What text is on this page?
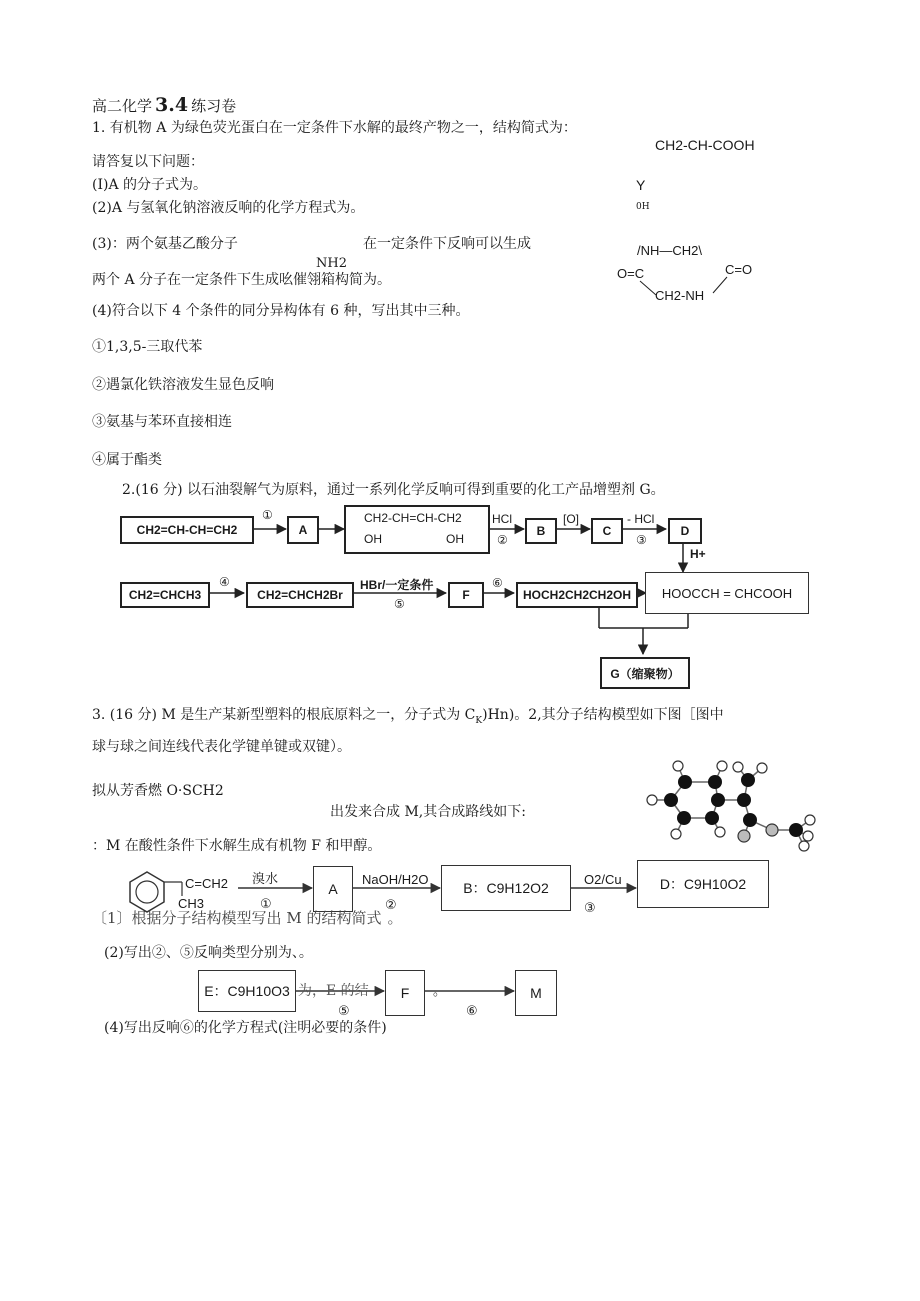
高二化学 3.4 练习卷
1. 有机物 A 为绿色荧光蛋白在一定条件下水解的最终产物之一，结构简式为：
CH2-CH-COOH
请答复以下问题：
(I)A 的分子式为。	Y
(2)A 与氢氧化钠溶液反响的化学方程式为。	0H
(3)：两个氨基乙酸分子	在一定条件下反响可以生成
NH2
两个 A 分子在一定条件下生成吆催翎箱构简为。
/NH—CH2\
O=C	C=O
CH2-NH
(4)符合以下 4 个条件的同分异构体有 6 种，写出其中三种。
①1,3,5-三取代苯
②遇氯化铁溶液发生显色反响
③氨基与苯环直接相连
④属于酯类
2.(16 分) 以石油裂解气为原料，通过一系列化学反响可得到重要的化工产品增塑剂 G。
CH2=CH-CH=CH2
①
A
CH2-CH=CH-CH2
OH	OH
HCl
②
B
[O]
C
- HCl
③
D
H+
CH2=CHCH3
④
CH2=CHCH2Br
HBr/一定条件
⑤
F
⑥
HOCH2CH2CH2OH	HOOCCH = CHCOOH
G（缩聚物）
3. (16 分) M 是生产某新型塑料的根底原料之一，分子式为 $C_K)Hn$)。2,其分子结构模型如下图［图中
球与球之间连线代表化学键单键或双键）。
拟从芳香燃 O·SCH2
出发来合成 M,其合成路线如下:
：M 在酸性条件下水解生成有机物 F 和甲醇。
C=CH2
CH3
溴水
①
A
NaOH/H2O
②
B：C9H12O2
O2/Cu
③
D：C9H10O2
〔1〕根据分子结构模型写出 M 的结构简式 。
(2)写出②、⑤反响类型分别为、。
E：C9H10O3 为，E 的结
⑤
F	。
⑥
M
(4)写出反响⑥的化学方程式(注明必要的条件)
